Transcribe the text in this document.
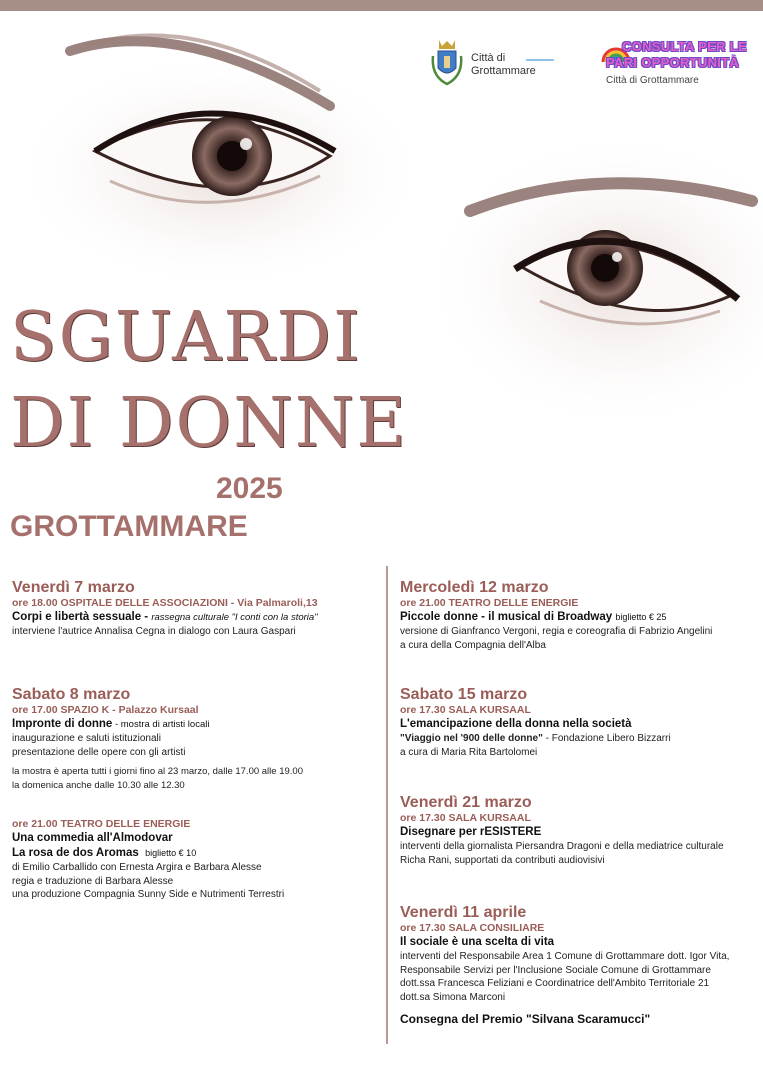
Città di
Grottammare
CONSULTA PER LE
PARI OPPORTUNITÀ
Città di Grottammare
SGUARDI
DI DONNE
2025
GROTTAMMARE
Venerdì 7 marzo
ore 18.00 OSPITALE DELLE ASSOCIAZIONI - Via Palmaroli,13
Corpi e libertà sessuale - rassegna culturale "I conti con la storia"
interviene l'autrice Annalisa Cegna in dialogo con Laura Gaspari
Sabato 8 marzo
ore 17.00 SPAZIO K - Palazzo Kursaal
Impronte di donne - mostra di artisti locali
inaugurazione e saluti istituzionali
presentazione delle opere con gli artisti
la mostra è aperta tutti i giorni fino al 23 marzo, dalle 17.00 alle 19.00
la domenica anche dalle 10.30 alle 12.30
ore 21.00 TEATRO DELLE ENERGIE
Una commedia all'Almodovar
La rosa de dos Aromas biglietto € 10
di Emilio Carballido con Ernesta Argira e Barbara Alesse
regia e traduzione di Barbara Alesse
una produzione Compagnia Sunny Side e Nutrimenti Terrestri
Mercoledì 12 marzo
ore 21.00 TEATRO DELLE ENERGIE
Piccole donne - il musical di Broadway biglietto € 25
versione di Gianfranco Vergoni, regia e coreografia di Fabrizio Angelini
a cura della Compagnia dell'Alba
Sabato 15 marzo
ore 17.30 SALA KURSAAL
L'emancipazione della donna nella società
"Viaggio nel '900 delle donne" - Fondazione Libero Bizzarri
a cura di Maria Rita Bartolomei
Venerdì 21 marzo
ore 17.30 SALA KURSAAL
Disegnare per rESISTERE
interventi della giornalista Piersandra Dragoni e della mediatrice culturale
Richa Rani, supportati da contributi audiovisivi
Venerdì 11 aprile
ore 17.30 SALA CONSILIARE
Il sociale è una scelta di vita
interventi del Responsabile Area 1 Comune di Grottammare dott. Igor Vita,
Responsabile Servizi per l'Inclusione Sociale Comune di Grottammare
dott.ssa Francesca Feliziani e Coordinatrice dell'Ambito Territoriale 21
dott.sa Simona Marconi
Consegna del Premio "Silvana Scaramucci"
